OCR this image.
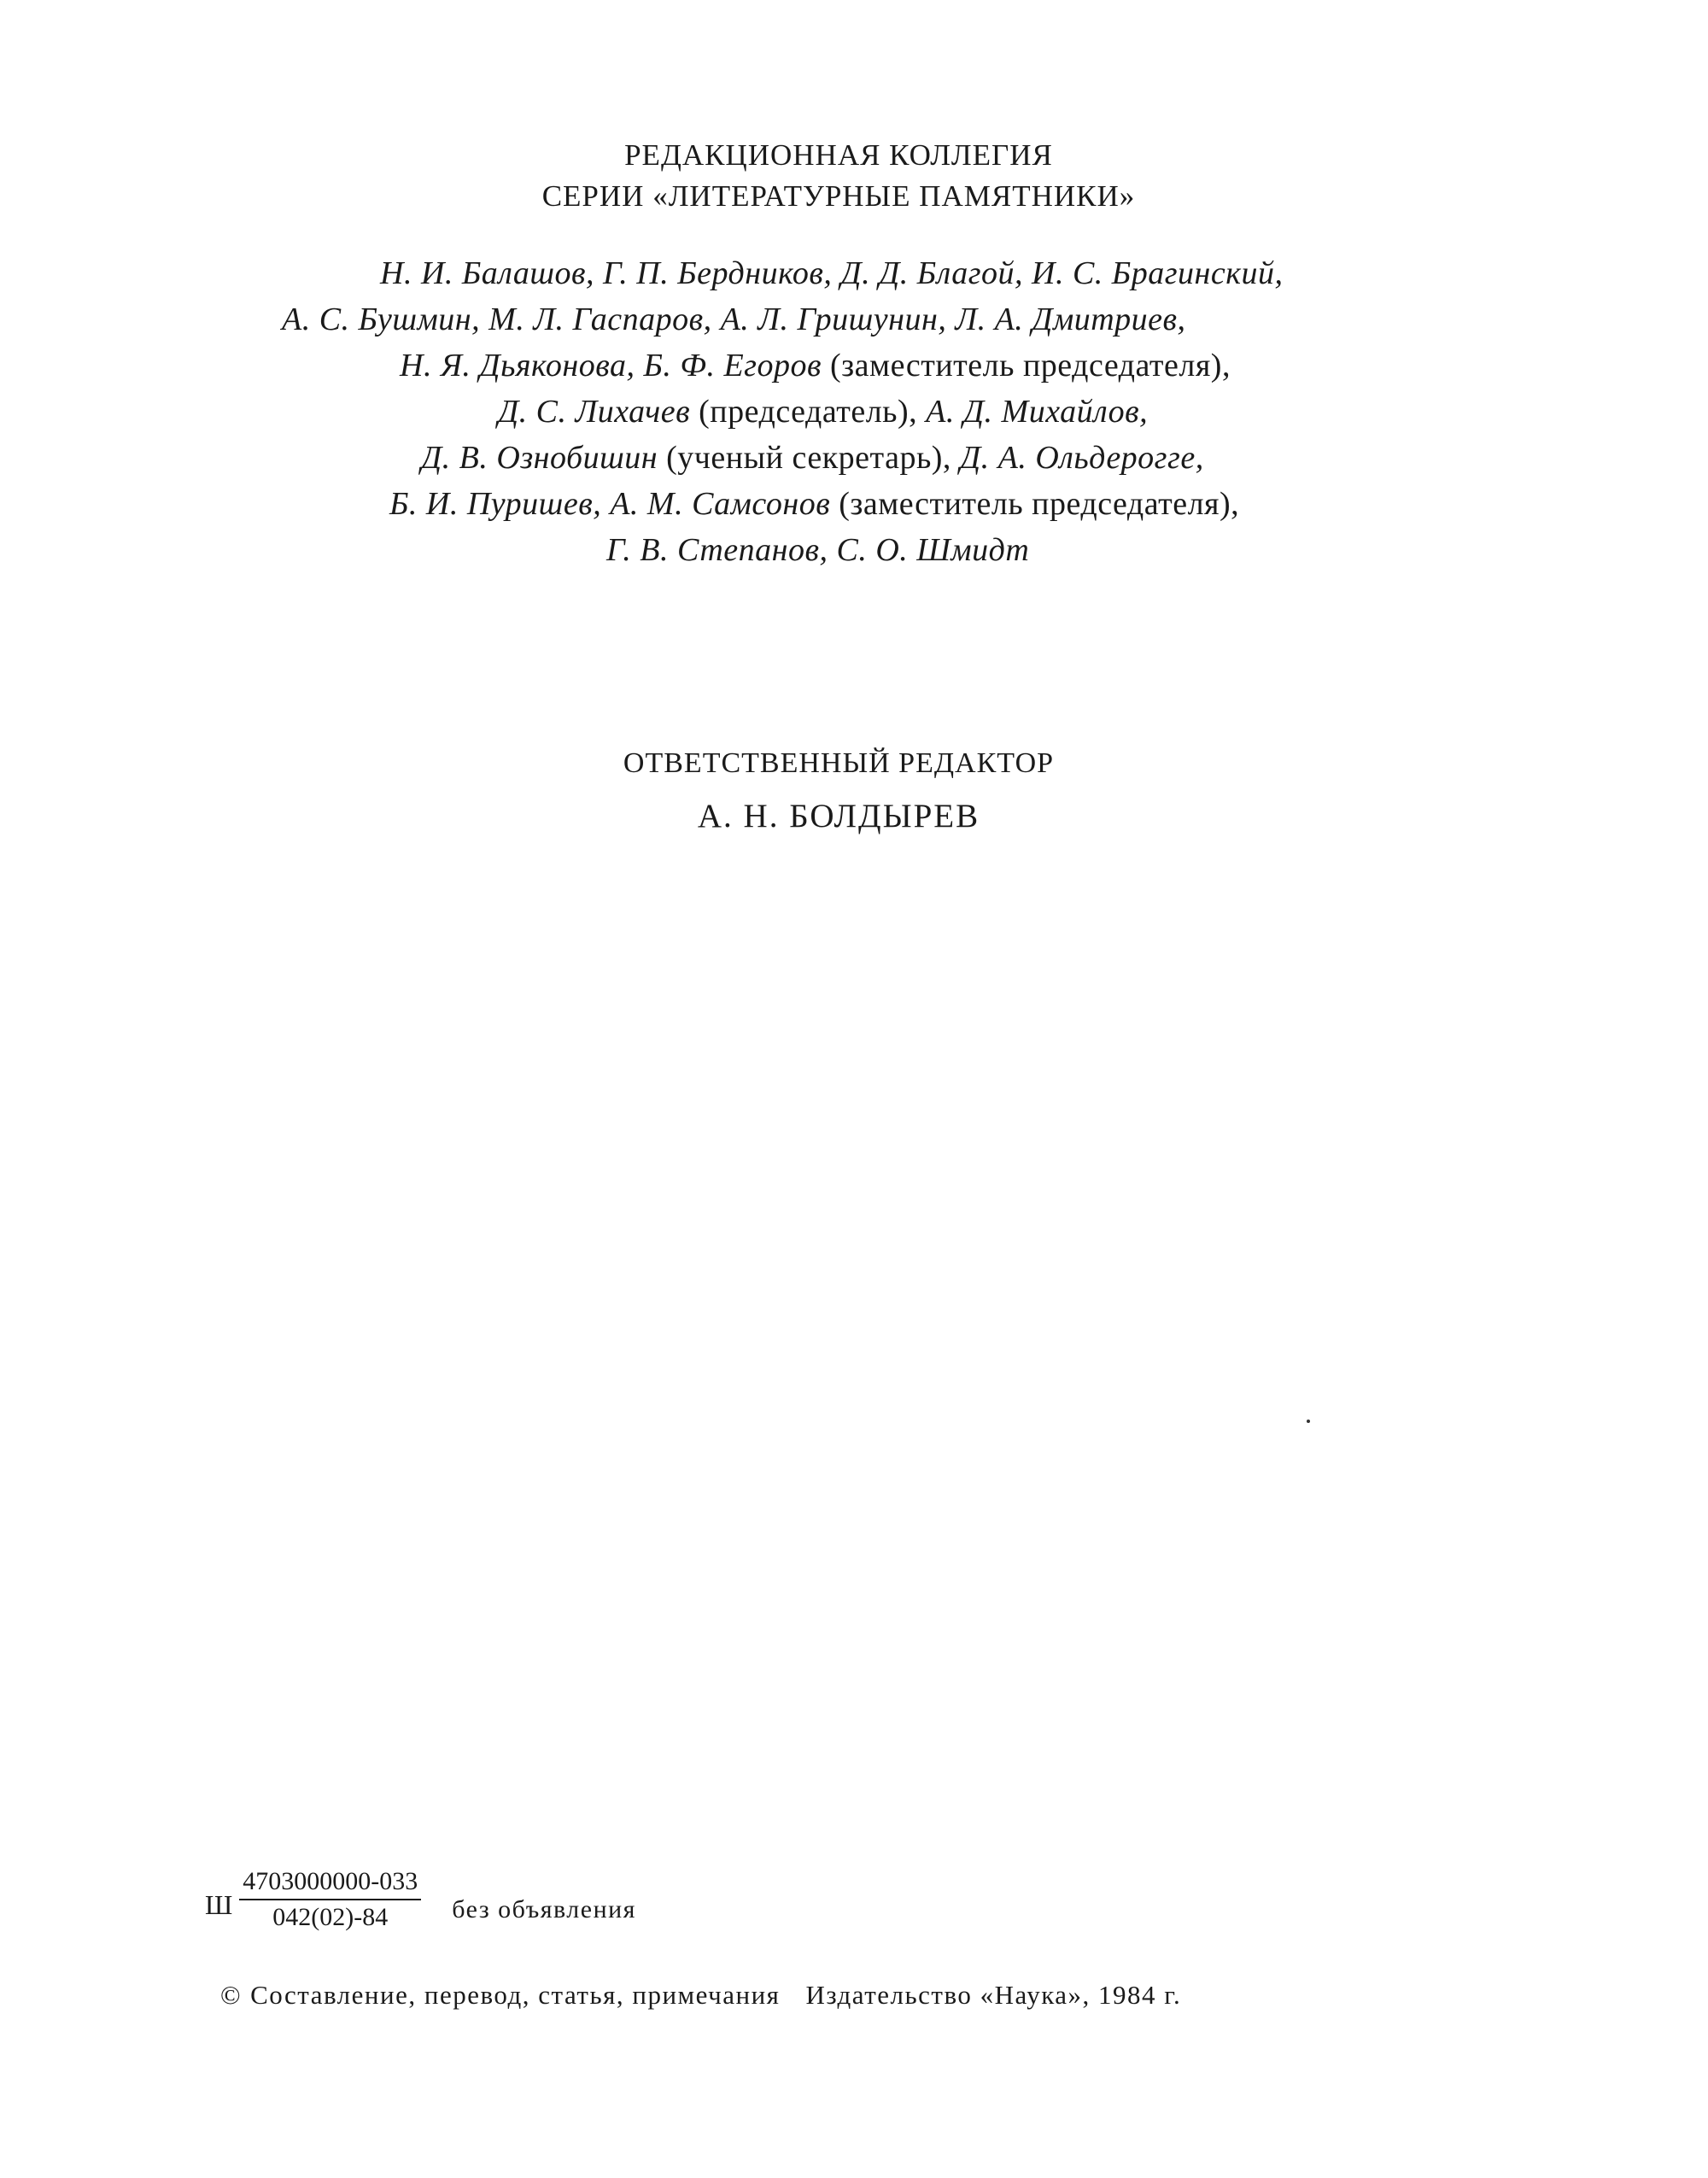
РЕДАКЦИОННАЯ КОЛЛЕГИЯ
СЕРИИ «ЛИТЕРАТУРНЫЕ ПАМЯТНИКИ»
Н. И. Балашов, Г. П. Бердников, Д. Д. Благой, И. С. Брагинский,
А. С. Бушмин, М. Л. Гаспаров, А. Л. Гришунин, Л. А. Дмитриев,
Н. Я. Дьяконова, Б. Ф. Егоров (заместитель председателя),
Д. С. Лихачев (председатель), А. Д. Михайлов,
Д. В. Ознобишин (ученый секретарь), Д. А. Ольдерогге,
Б. И. Пуришев, А. М. Самсонов (заместитель председателя),
Г. В. Степанов, С. О. Шмидт
ОТВЕТСТВЕННЫЙ РЕДАКТОР
А. Н. БОЛДЫРЕВ
Ш $\frac{4703000000-033}{042(02)-84}$ без объявления
© Составление, перевод, статья, примечания Издательство «Наука», 1984 г.
